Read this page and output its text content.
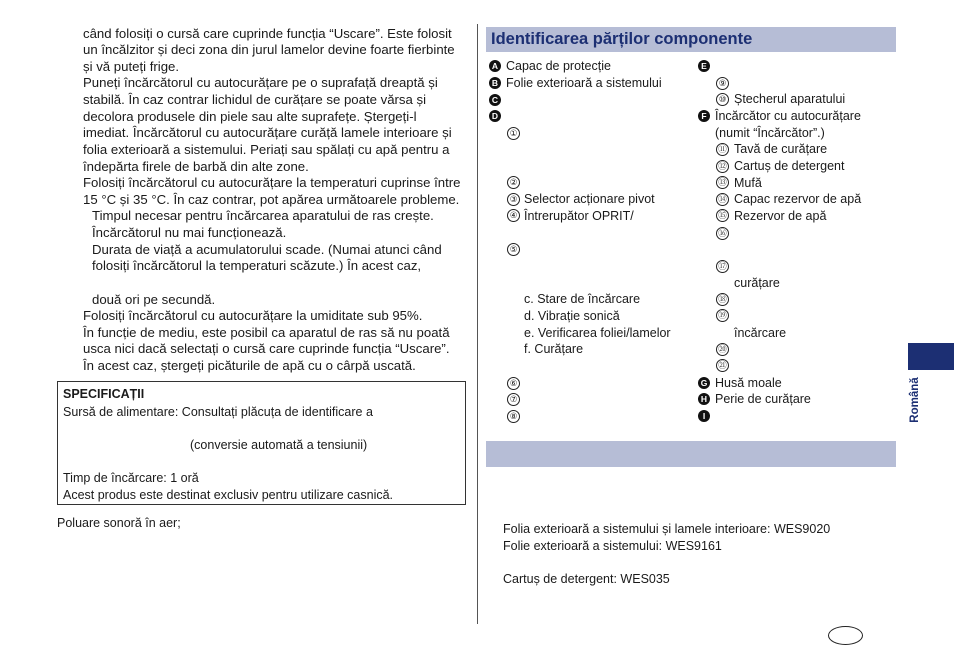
când folosiți o cursă care cuprinde funcția “Uscare”. Este folosit
un încălzitor și deci zona din jurul lamelor devine foarte fierbinte
și vă puteți frige.
Puneți încărcătorul cu autocurățare pe o suprafață dreaptă și
stabilă. În caz contrar lichidul de curățare se poate vărsa și
decolora produsele din piele sau alte suprafețe. Ștergeți-l
imediat. Încărcătorul cu autocurățare curăță lamele interioare și
folia exterioară a sistemului. Periați sau spălați cu apă pentru a
îndepărta firele de barbă din alte zone.
Folosiți încărcătorul cu autocurățare la temperaturi cuprinse între
15 °C și 35 °C. În caz contrar, pot apărea următoarele probleme.
Timpul necesar pentru încărcarea aparatului de ras crește.
Încărcătorul nu mai funcționează.
Durata de viață a acumulatorului scade. (Numai atunci când
folosiți încărcătorul la temperaturi scăzute.) În acest caz,
două ori pe secundă.
Folosiți încărcătorul cu autocurățare la umiditate sub 95%.
În funcție de mediu, este posibil ca aparatul de ras să nu poată
usca nici dacă selectați o cursă care cuprinde funcția “Uscare”.
În acest caz, ștergeți picăturile de apă cu o cârpă uscată.
SPECIFICAȚII
Sursă de alimentare: Consultați plăcuța de identificare a
(conversie automată a tensiunii)
Timp de încărcare: 1 oră
Acest produs este destinat exclusiv pentru utilizare casnică.
Poluare sonoră în aer;
Identificarea părților componente
A
B
C
D
Capac de protecție
Folie exterioară a sistemului
①
②
③ Selector acționare pivot
④ Întrerupător OPRIT/
⑤
c. Stare de încărcare
d. Vibrație sonică
e. Verificarea foliei/lamelor
f. Curățare
⑥
⑦
⑧
E
⑨
⑩ Ștecherul aparatului
F Încărcător cu autocurățare
(numit “Încărcător”.)
⑪ Tavă de curățare
⑫ Cartuș de detergent
⑬ Mufă
⑭ Capac rezervor de apă
⑮ Rezervor de apă
⑯
⑰
curățare
⑱
⑲
încărcare
⑳
㉑
G Husă moale
H Perie de curățare
I
Folia exterioară a sistemului și lamele interioare: WES9020
Folie exterioară a sistemului: WES9161
Cartuș de detergent: WES035
Română
